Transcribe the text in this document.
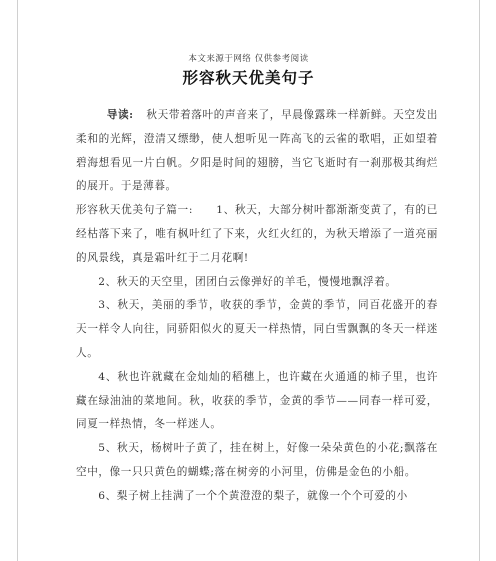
本文来源于网络 仅供参考阅读
形容秋天优美句子

导读: 秋天带着落叶的声音来了，早晨像露珠一样新鲜。天空发出柔和的光辉，澄清又缥缈，使人想听见一阵高飞的云雀的歌唱，正如望着碧海想看见一片白帆。夕阳是时间的翅膀，当它飞逝时有一刹那极其绚烂的展开。于是薄暮。

形容秋天优美句子篇一: 1、秋天，大部分树叶都渐渐变黄了，有的已经枯落下来了，唯有枫叶红了下来，火红火红的，为秋天增添了一道亮丽的风景线，真是霜叶红于二月花啊!

2、秋天的天空里，团团白云像弹好的羊毛，慢慢地飘浮着。

3、秋天，美丽的季节，收获的季节，金黄的季节，同百花盛开的春天一样令人向往，同骄阳似火的夏天一样热情，同白雪飘飘的冬天一样迷人。

4、秋也许就藏在金灿灿的稻穗上，也许藏在火通通的柿子里，也许藏在绿油油的菜地间。秋，收获的季节，金黄的季节——同春一样可爱，同夏一样热情，冬一样迷人。

5、秋天，杨树叶子黄了，挂在树上，好像一朵朵黄色的小花;飘落在空中，像一只只黄色的蝴蝶;落在树旁的小河里，仿佛是金色的小船。

6、梨子树上挂满了一个个黄澄澄的梨子，就像一个个可爱的小
